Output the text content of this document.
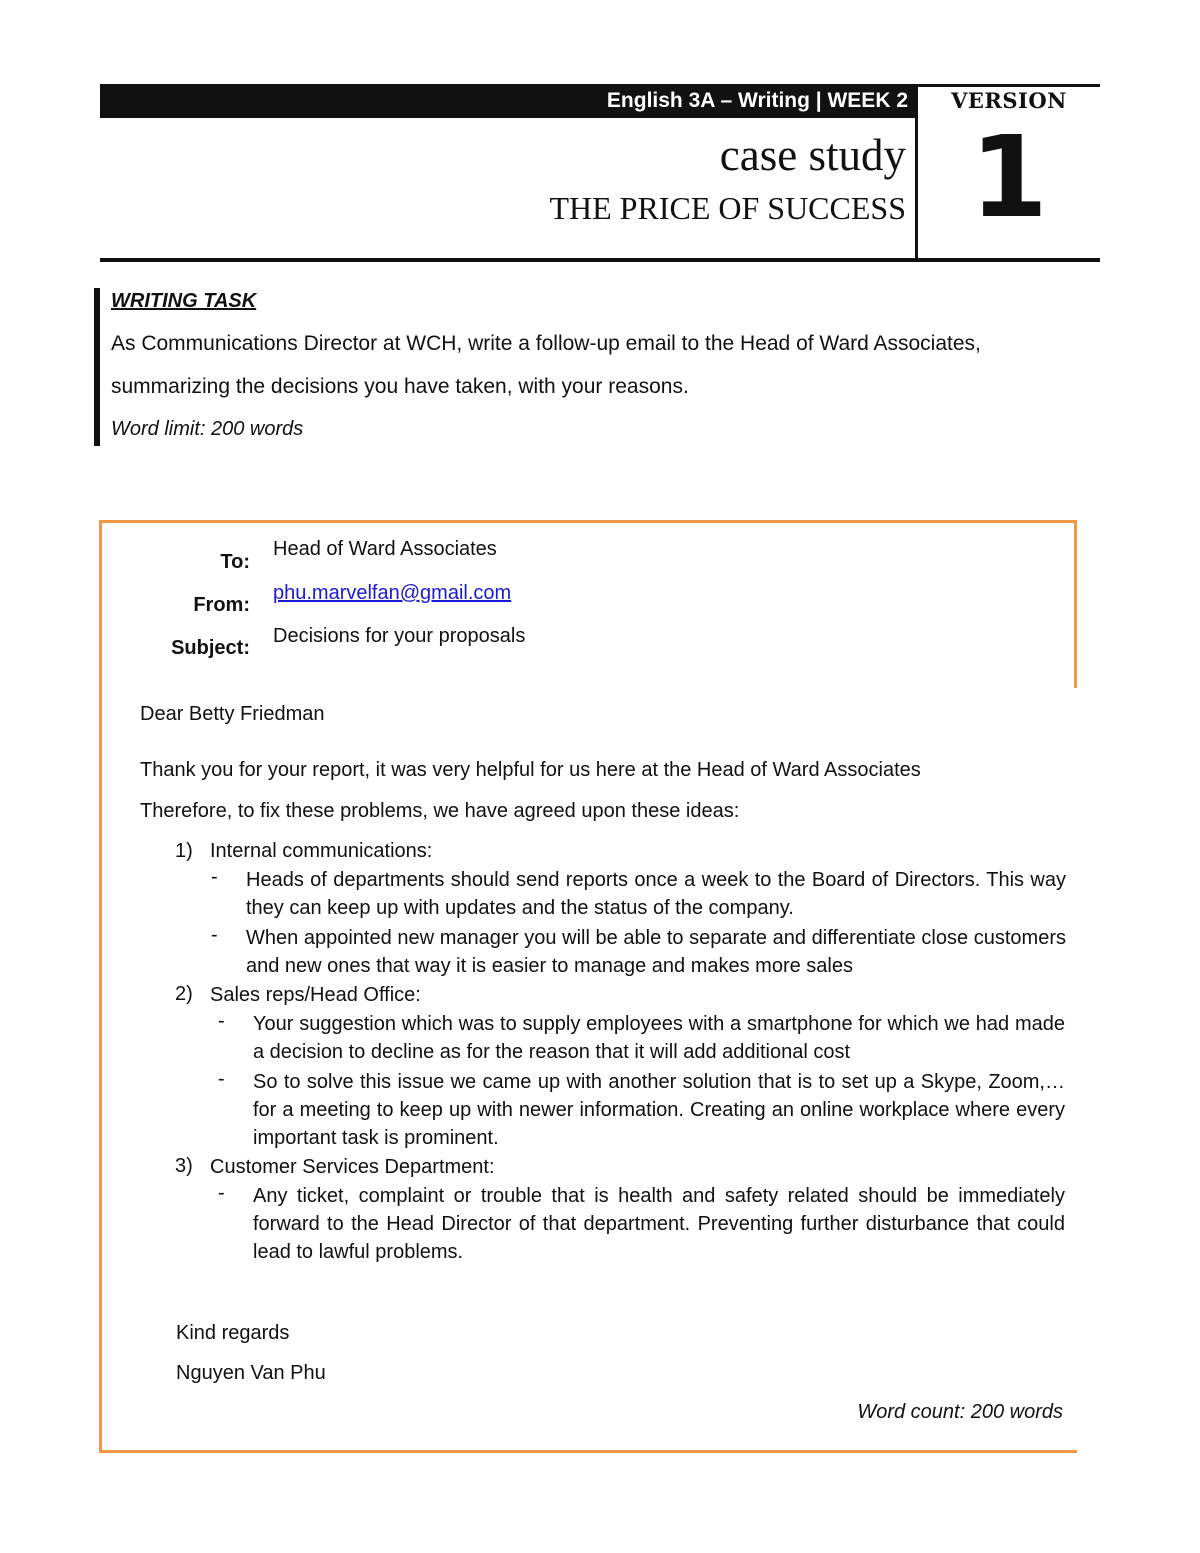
English 3A – Writing | WEEK 2	VERSION
1
case study
THE PRICE OF SUCCESS
WRITING TASK
As Communications Director at WCH, write a follow-up email to the Head of Ward Associates,
summarizing the decisions you have taken, with your reasons.
Word limit: 200 words
To:
Head of Ward Associates
From:
phu.marvelfan@gmail.com
Subject:
Decisions for your proposals
Dear Betty Friedman
Thank you for your report, it was very helpful for us here at the Head of Ward Associates
Therefore, to fix these problems, we have agreed upon these ideas:
1) Internal communications:
- Heads of departments should send reports once a week to the Board of Directors. This way they can keep up with updates and the status of the company.
- When appointed new manager you will be able to separate and differentiate close customers and new ones that way it is easier to manage and makes more sales
2) Sales reps/Head Office:
- Your suggestion which was to supply employees with a smartphone for which we had made a decision to decline as for the reason that it will add additional cost
- So to solve this issue we came up with another solution that is to set up a Skype, Zoom,… for a meeting to keep up with newer information. Creating an online workplace where every important task is prominent.
3) Customer Services Department:
- Any ticket, complaint or trouble that is health and safety related should be immediately forward to the Head Director of that department. Preventing further disturbance that could lead to lawful problems.
Kind regards
Nguyen Van Phu
Word count: 200 words
